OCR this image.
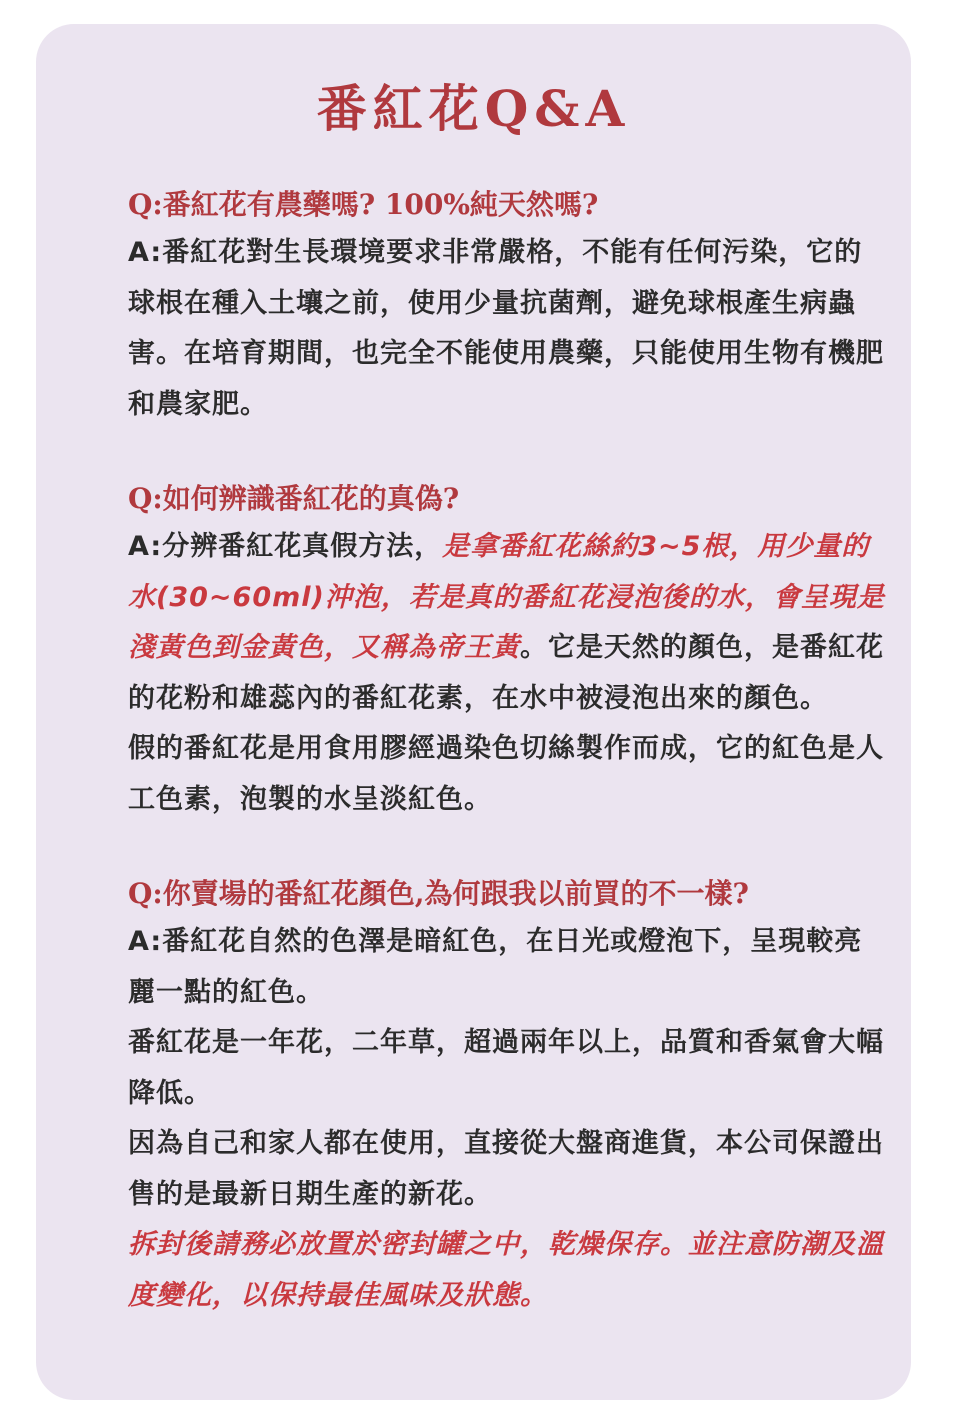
番紅花Q&A

Q:番紅花有農藥嗎? 100%純天然嗎?

A:番紅花對生長環境要求非常嚴格，不能有任何污染，它的球根在種入土壤之前，使用少量抗菌劑，避免球根產生病蟲害。在培育期間，也完全不能使用農藥，只能使用生物有機肥和農家肥。

Q:如何辨識番紅花的真偽?

A:分辨番紅花真假方法，是拿番紅花絲約3~5根，用少量的水(30~60ml)沖泡，若是真的番紅花浸泡後的水，會呈現是淺黃色到金黃色，又稱為帝王黃。它是天然的顏色，是番紅花的花粉和雄蕊內的番紅花素，在水中被浸泡出來的顏色。

假的番紅花是用食用膠經過染色切絲製作而成，它的紅色是人工色素，泡製的水呈淡紅色。

Q:你賣場的番紅花顏色,為何跟我以前買的不一樣?

A:番紅花自然的色澤是暗紅色，在日光或燈泡下，呈現較亮麗一點的紅色。

番紅花是一年花，二年草，超過兩年以上，品質和香氣會大幅降低。

因為自己和家人都在使用，直接從大盤商進貨，本公司保證出售的是最新日期生產的新花。

拆封後請務必放置於密封罐之中，乾燥保存。並注意防潮及溫度變化，以保持最佳風味及狀態。
